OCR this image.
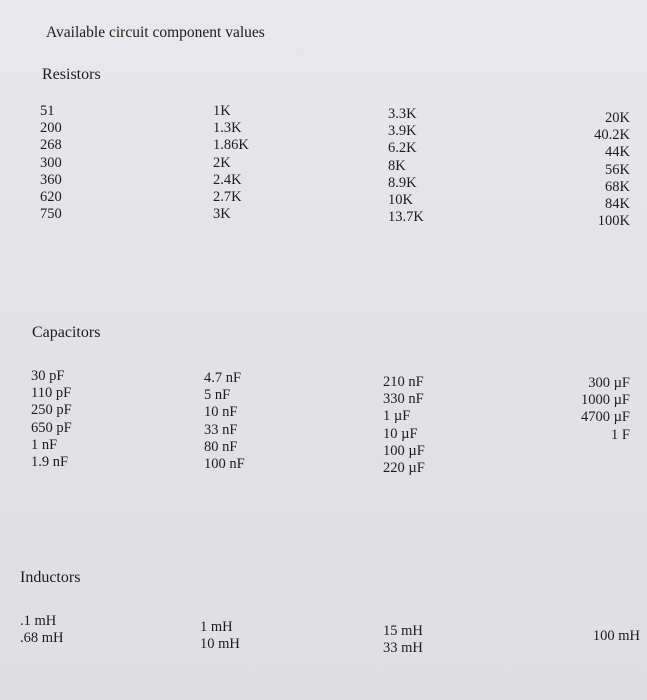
.
Available circuit component values
Resistors
51
200
268
300
360
620
750
1K
1.3K
1.86K
2K
2.4K
2.7K
3K
3.3K
3.9K
6.2K
8K
8.9K
10K
13.7K
20K
40.2K
44K
56K
68K
84K
100K
Capacitors
30 pF
110 pF
250 pF
650 pF
1 nF
1.9 nF
4.7 nF
5 nF
10 nF
33 nF
80 nF
100 nF
210 nF
330 nF
1 µF
10 µF
100 µF
220 µF
300 µF
1000 µF
4700 µF
1 F
Inductors
.1 mH
.68 mH
1 mH
10 mH
15 mH
33 mH
100 mH
